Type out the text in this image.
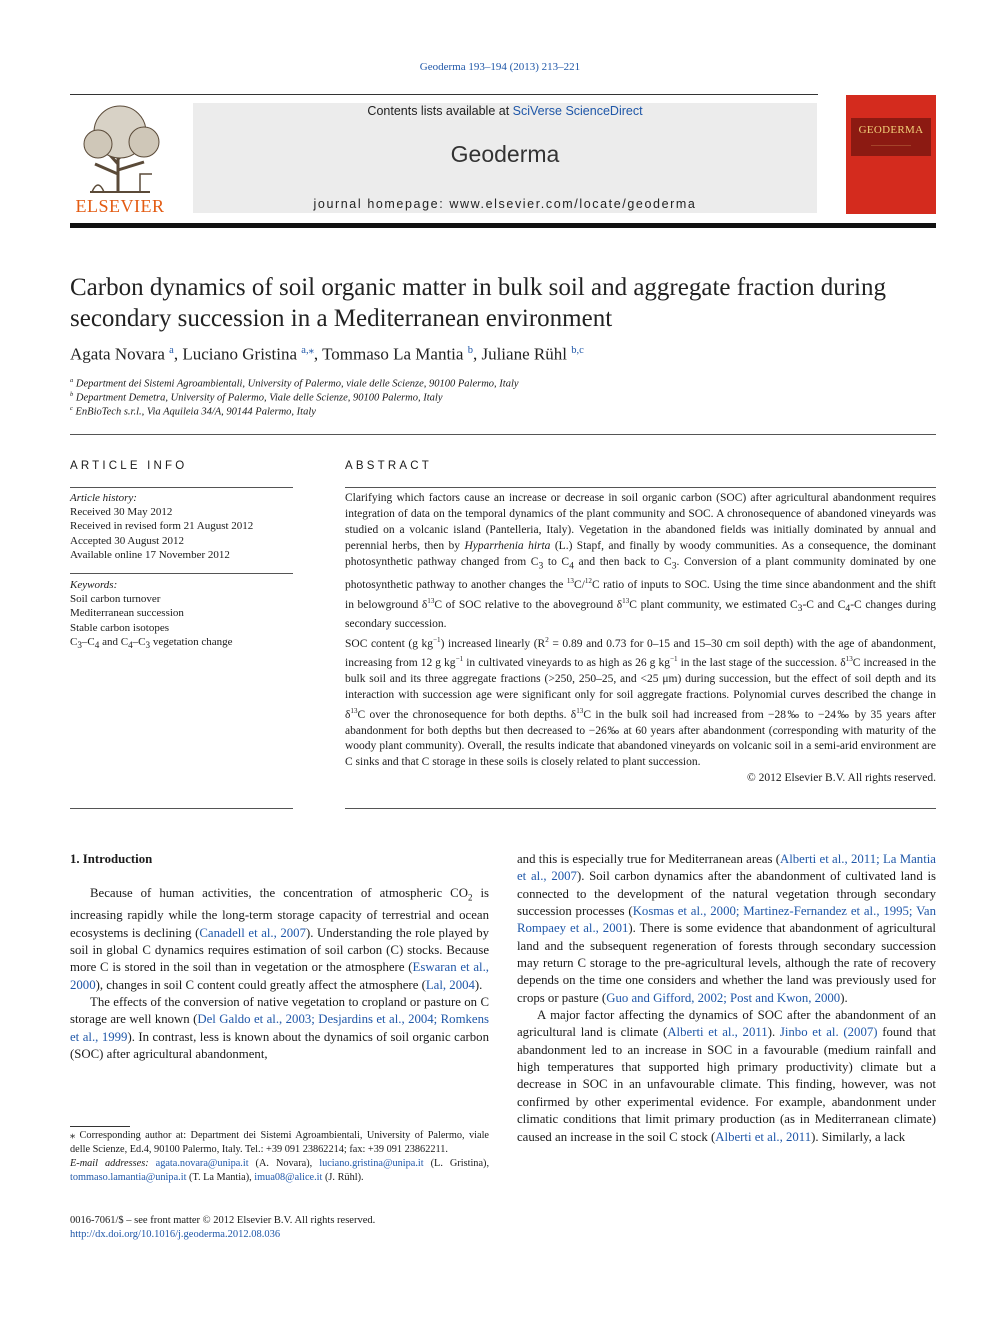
Geoderma 193–194 (2013) 213–221
ELSEVIER
Contents lists available at SciVerse ScienceDirect
Geoderma
journal homepage: www.elsevier.com/locate/geoderma
GEODERMA
——————————
Carbon dynamics of soil organic matter in bulk soil and aggregate fraction during
secondary succession in a Mediterranean environment
Agata Novara $^a$, Luciano Gristina $^{a,⁎}$, Tommaso La Mantia $^b$, Juliane Rühl $^{b,c}$
$^a$ Department dei Sistemi Agroambientali, University of Palermo, viale delle Scienze, 90100 Palermo, Italy
$^b$ Department Demetra, University of Palermo, Viale delle Scienze, 90100 Palermo, Italy
$^c$ EnBioTech s.r.l., Via Aquileia 34/A, 90144 Palermo, Italy
ARTICLE INFO
Article history:
Received 30 May 2012
Received in revised form 21 August 2012
Accepted 30 August 2012
Available online 17 November 2012
Keywords:
Soil carbon turnover
Mediterranean succession
Stable carbon isotopes
$C_3-C_4$ and $C_4-C_3$ vegetation change
ABSTRACT

Clarifying which factors cause an increase or decrease in soil organic carbon (SOC) after agricultural abandonment requires integration of data on the temporal dynamics of the plant community and SOC. A chronosequence of abandoned vineyards was studied on a volcanic island (Pantelleria, Italy). Vegetation in the abandoned fields was initially dominated by annual and perennial herbs, then by Hyparrhenia hirta (L.) Stapf, and finally by woody communities. As a consequence, the dominant photosynthetic pathway changed from $C_3$ to $C_4$ and then back to $C_3$. Conversion of a plant community dominated by one photosynthetic pathway to another changes the $^{13}$C/$^{12}$C ratio of inputs to SOC. Using the time since abandonment and the shift in belowground $\delta^{13}C$ of SOC relative to the aboveground $\delta^{13}C$ plant community, we estimated $C_3-C$ and $C_4-C$ changes during secondary succession.

SOC content (g $kg^{-1}$) increased linearly ($R^2 = 0.89$ and 0.73 for 0–15 and 15–30 cm soil depth) with the age of abandonment, increasing from 12 g $kg^{-1}$ in cultivated vineyards to as high as 26 g $kg^{-1}$ in the last stage of the succession. $\delta^{13}C$ increased in the bulk soil and its three aggregate fractions (>250, 250–25, and <25 μm) during succession, but the effect of soil depth and its interaction with succession age were significant only for soil aggregate fractions. Polynomial curves described the change in $\delta^{13}C$ over the chronosequence for both depths. $\delta^{13}C$ in the bulk soil had increased from −28‰ to −24‰ by 35 years after abandonment for both depths but then decreased to −26‰ at 60 years after abandonment (corresponding with maturity of the woody plant community). Overall, the results indicate that abandoned vineyards on volcanic soil in a semi-arid environment are C sinks and that C storage in these soils is closely related to plant succession.

© 2012 Elsevier B.V. All rights reserved.
1. Introduction

Because of human activities, the concentration of atmospheric $CO_2$ is increasing rapidly while the long-term storage capacity of terrestrial and ocean ecosystems is declining (Canadell et al., 2007). Understanding the role played by soil in global C dynamics requires estimation of soil carbon (C) stocks. Because more C is stored in the soil than in vegetation or the atmosphere (Eswaran et al., 2000), changes in soil C content could greatly affect the atmosphere (Lal, 2004).

The effects of the conversion of native vegetation to cropland or pasture on C storage are well known (Del Galdo et al., 2003; Desjardins et al., 2004; Romkens et al., 1999). In contrast, less is known about the dynamics of soil organic carbon (SOC) after agricultural abandonment,

⁎ Corresponding author at: Department dei Sistemi Agroambientali, University of Palermo, viale delle Scienze, Ed.4, 90100 Palermo, Italy. Tel.: +39 091 23862214; fax: +39 091 23862211.
E-mail addresses: agata.novara@unipa.it (A. Novara), luciano.gristina@unipa.it (L. Gristina), tommaso.lamantia@unipa.it (T. La Mantia), imua08@alice.it (J. Rühl).
0016-7061/$ – see front matter © 2012 Elsevier B.V. All rights reserved.
http://dx.doi.org/10.1016/j.geoderma.2012.08.036

and this is especially true for Mediterranean areas (Alberti et al., 2011; La Mantia et al., 2007). Soil carbon dynamics after the abandonment of cultivated land is connected to the development of the natural vegetation through secondary succession processes (Kosmas et al., 2000; Martinez-Fernandez et al., 1995; Van Rompaey et al., 2001). There is some evidence that abandonment of agricultural land and the subsequent regeneration of forests through secondary succession may return C storage to the pre-agricultural levels, although the rate of recovery depends on the time one considers and whether the land was previously used for crops or pasture (Guo and Gifford, 2002; Post and Kwon, 2000).

A major factor affecting the dynamics of SOC after the abandonment of an agricultural land is climate (Alberti et al., 2011). Jinbo et al. (2007) found that abandonment led to an increase in SOC in a favourable (medium rainfall and high temperatures that supported high primary productivity) climate but a decrease in SOC in an unfavourable climate. This finding, however, was not confirmed by other experimental evidence. For example, abandonment under climatic conditions that limit primary production (as in Mediterranean climate) caused an increase in the soil C stock (Alberti et al., 2011). Similarly, a lack
